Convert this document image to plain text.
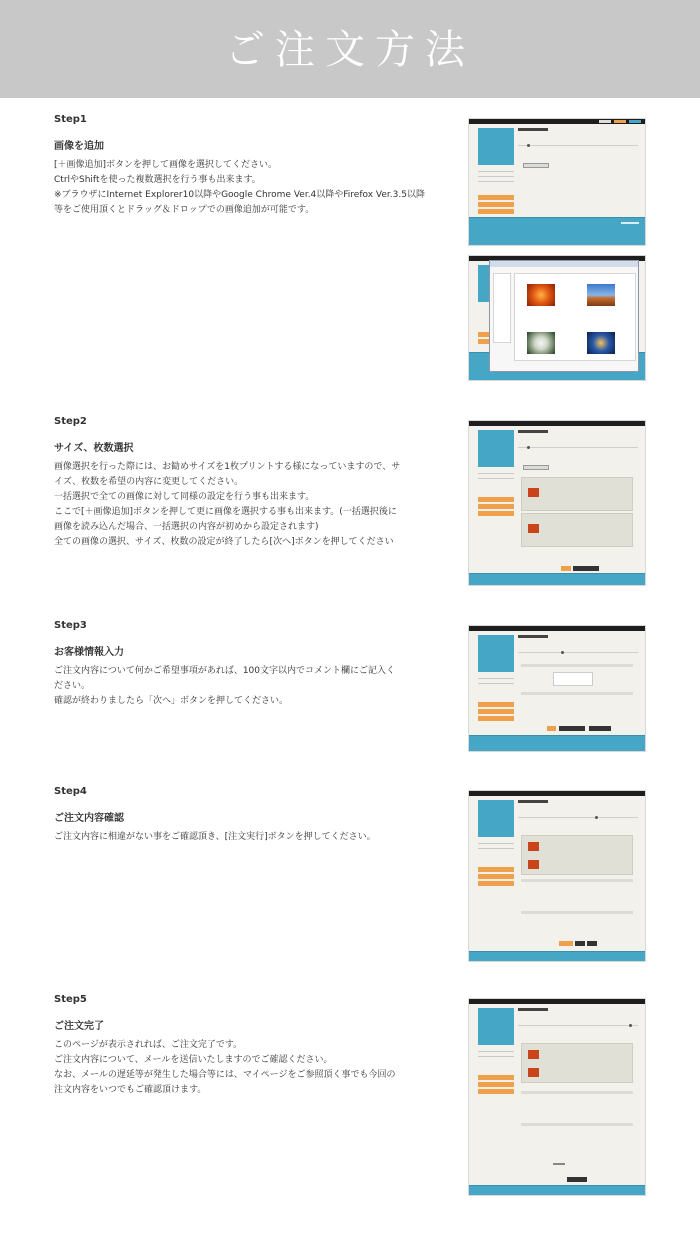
ご注文方法
Step1
画像を追加
[＋画像追加]ボタンを押して画像を選択してください。
CtrlやShiftを使った複数選択を行う事も出来ます。
※ブラウザにInternet Explorer10以降やGoogle Chrome Ver.4以降やFirefox Ver.3.5以降
等をご使用頂くとドラッグ＆ドロップでの画像追加が可能です。
Step2
サイズ、枚数選択
画像選択を行った際には、お勧めサイズを1枚プリントする様になっていますので、サ
イズ、枚数を希望の内容に変更してください。
一括選択で全ての画像に対して同様の設定を行う事も出来ます。
ここで[＋画像追加]ボタンを押して更に画像を選択する事も出来ます。(一括選択後に
画像を読み込んだ場合、一括選択の内容が初めから設定されます)
全ての画像の選択、サイズ、枚数の設定が終了したら[次へ]ボタンを押してください
Step3
お客様情報入力
ご注文内容について何かご希望事項があれば、100文字以内でコメント欄にご記入く
ださい。
確認が終わりましたら「次へ」ボタンを押してください。
Step4
ご注文内容確認
ご注文内容に相違がない事をご確認頂き、[注文実行]ボタンを押してください。
Step5
ご注文完了
このページが表示されれば、ご注文完了です。
ご注文内容について、メールを送信いたしますのでご確認ください。
なお、メールの遅延等が発生した場合等には、マイページをご参照頂く事でも今回の
注文内容をいつでもご確認頂けます。
